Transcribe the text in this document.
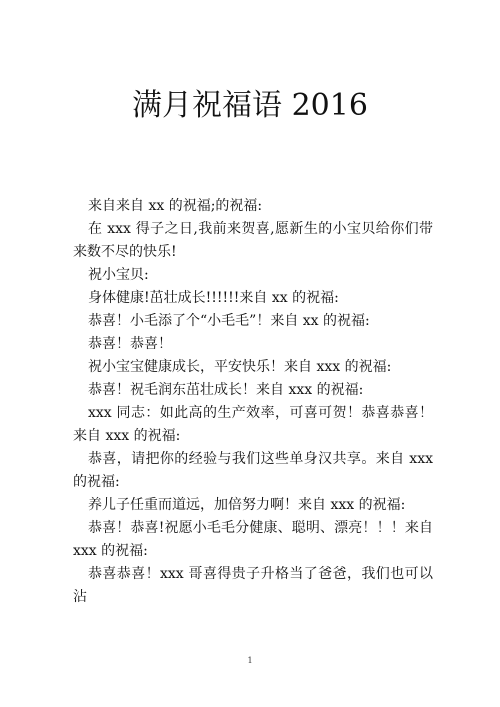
满月祝福语 2016

来自来自 xx 的祝福;的祝福:

在 xxx 得子之日,我前来贺喜,愿新生的小宝贝给你们带来数不尽的快乐!

祝小宝贝:

身体健康!茁壮成长!!!!!!来自 xx 的祝福:

恭喜！小毛添了个“小毛毛”！来自 xx 的祝福:

恭喜！恭喜！

祝小宝宝健康成长，平安快乐！来自 xxx 的祝福:

恭喜！祝毛润东茁壮成长！来自 xxx 的祝福:

xxx 同志：如此高的生产效率，可喜可贺！恭喜恭喜！来自 xxx 的祝福:

恭喜，请把你的经验与我们这些单身汉共享。来自 xxx 的祝福:

养儿子任重而道远，加倍努力啊！来自 xxx 的祝福:

恭喜！恭喜!祝愿小毛毛分健康、聪明、漂亮！！！来自 xxx 的祝福:

恭喜恭喜！xxx 哥喜得贵子升格当了爸爸，我们也可以沾

1
